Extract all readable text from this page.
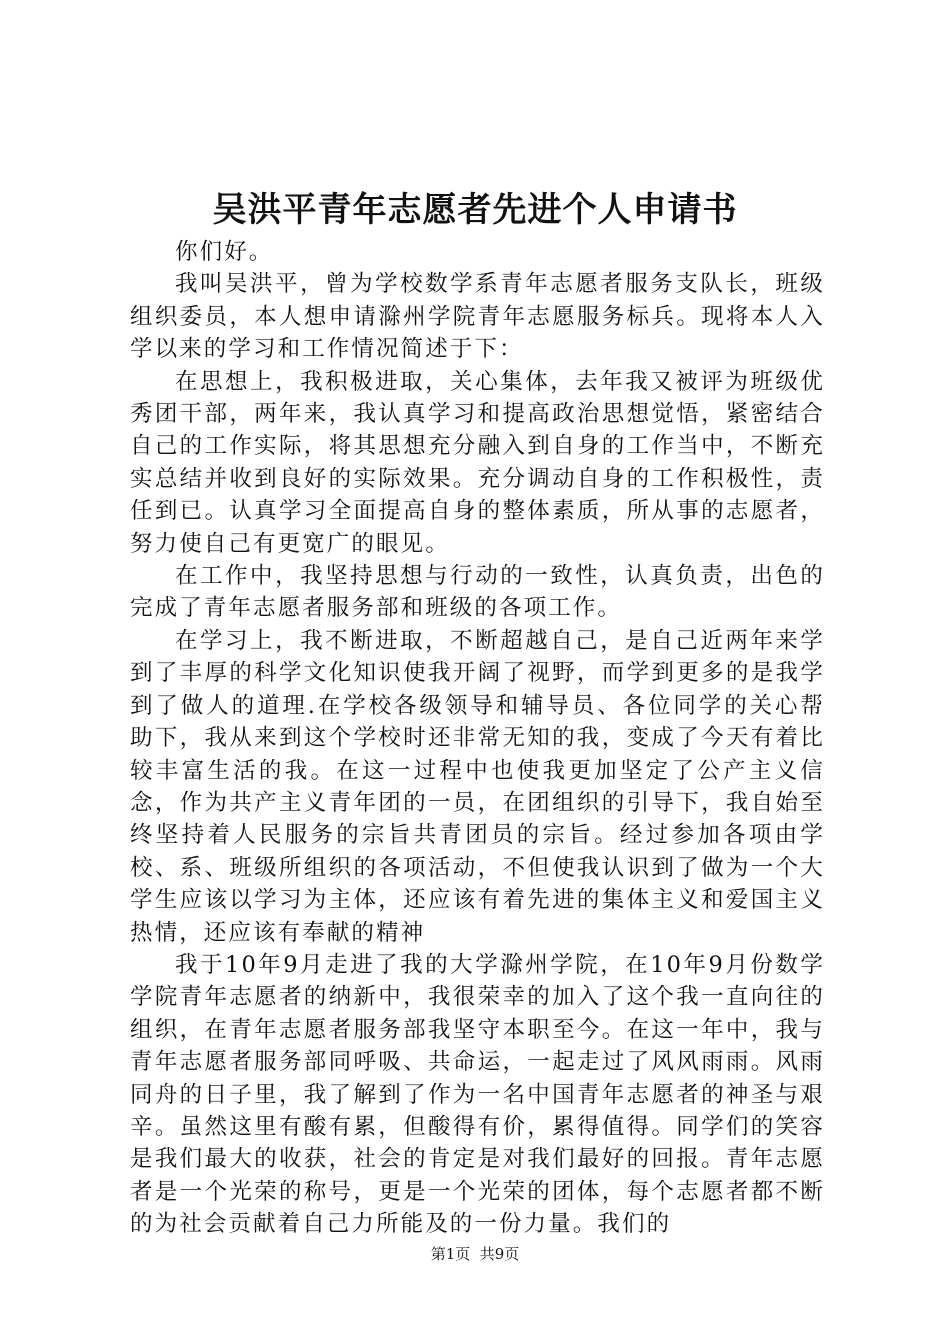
吴洪平青年志愿者先进个人申请书

你们好。

我叫吴洪平，曾为学校数学系青年志愿者服务支队长，班级组织委员，本人想申请滁州学院青年志愿服务标兵。现将本人入学以来的学习和工作情况简述于下：

在思想上，我积极进取，关心集体，去年我又被评为班级优秀团干部，两年来，我认真学习和提高政治思想觉悟，紧密结合自己的工作实际，将其思想充分融入到自身的工作当中，不断充实总结并收到良好的实际效果。充分调动自身的工作积极性，责任到已。认真学习全面提高自身的整体素质，所从事的志愿者，努力使自己有更宽广的眼见。

在工作中，我坚持思想与行动的一致性，认真负责，出色的完成了青年志愿者服务部和班级的各项工作。

在学习上，我不断进取，不断超越自己，是自己近两年来学到了丰厚的科学文化知识使我开阔了视野，而学到更多的是我学到了做人的道理.在学校各级领导和辅导员、各位同学的关心帮助下，我从来到这个学校时还非常无知的我，变成了今天有着比较丰富生活的我。在这一过程中也使我更加坚定了公产主义信念，作为共产主义青年团的一员，在团组织的引导下，我自始至终坚持着人民服务的宗旨共青团员的宗旨。经过参加各项由学校、系、班级所组织的各项活动，不但使我认识到了做为一个大学生应该以学习为主体，还应该有着先进的集体主义和爱国主义热情，还应该有奉献的精神

我于10年9月走进了我的大学滁州学院，在10年9月份数学学院青年志愿者的纳新中，我很荣幸的加入了这个我一直向往的组织，在青年志愿者服务部我坚守本职至今。在这一年中，我与青年志愿者服务部同呼吸、共命运，一起走过了风风雨雨。风雨同舟的日子里，我了解到了作为一名中国青年志愿者的神圣与艰辛。虽然这里有酸有累，但酸得有价，累得值得。同学们的笑容是我们最大的收获，社会的肯定是对我们最好的回报。青年志愿者是一个光荣的称号，更是一个光荣的团体，每个志愿者都不断的为社会贡献着自己力所能及的一份力量。我们的

第1页  共9页
